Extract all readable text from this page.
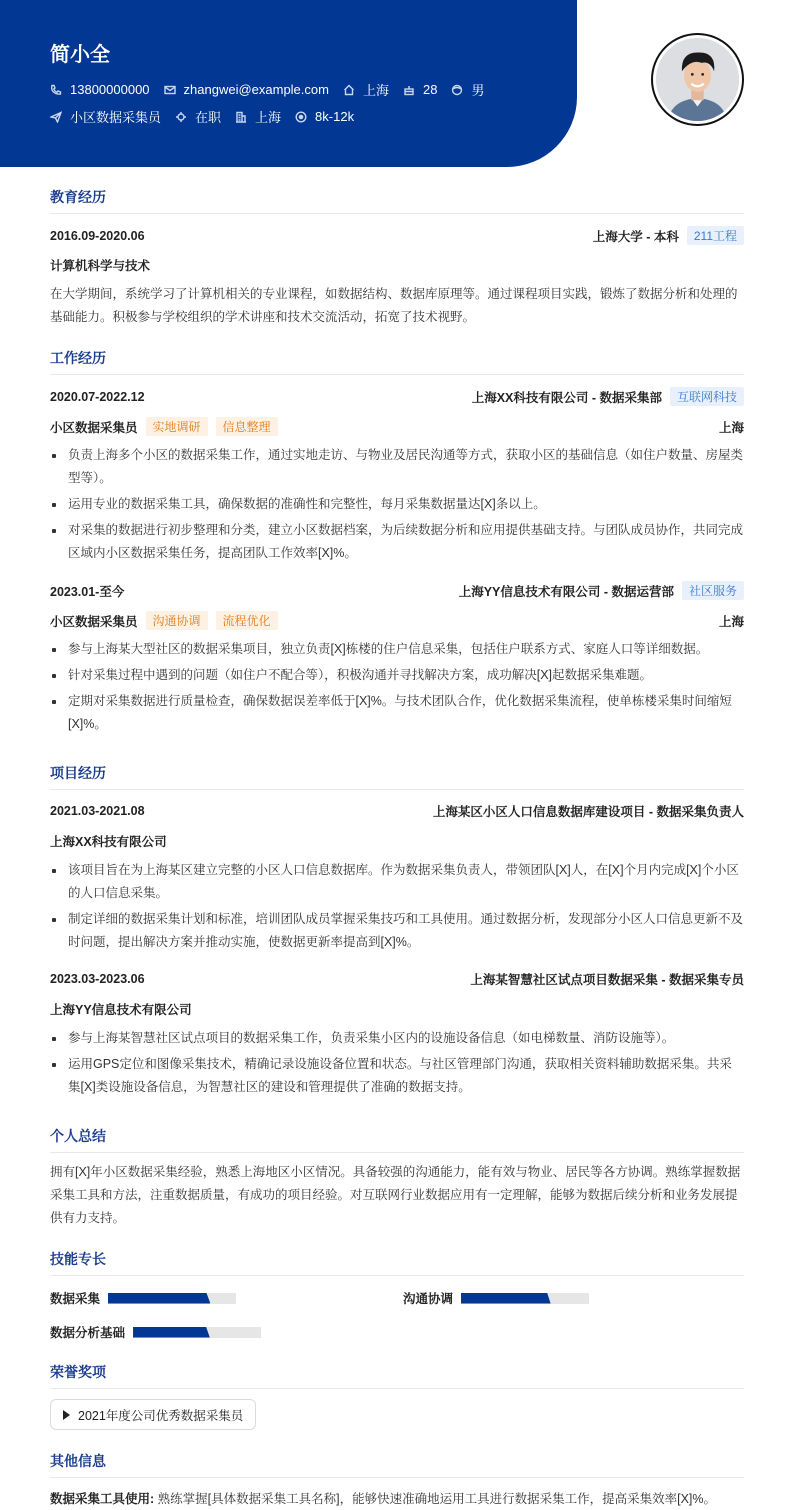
简小全
13800000000	zhangwei@example.com	上海	28	男
小区数据采集员	在职	上海	8k-12k
教育经历
2016.09-2020.06	上海大学 - 本科	211工程
计算机科学与技术
在大学期间，系统学习了计算机相关的专业课程，如数据结构、数据库原理等。通过课程项目实践，锻炼了数据分析和处理的基础能力。积极参与学校组织的学术讲座和技术交流活动，拓宽了技术视野。
工作经历
2020.07-2022.12	上海XX科技有限公司 - 数据采集部	互联网科技
小区数据采集员	实地调研	信息整理	上海
负责上海多个小区的数据采集工作，通过实地走访、与物业及居民沟通等方式，获取小区的基础信息（如住户数量、房屋类型等）。
运用专业的数据采集工具，确保数据的准确性和完整性，每月采集数据量达[X]条以上。
对采集的数据进行初步整理和分类，建立小区数据档案，为后续数据分析和应用提供基础支持。与团队成员协作，共同完成区域内小区数据采集任务，提高团队工作效率[X]%。
2023.01-至今	上海YY信息技术有限公司 - 数据运营部	社区服务
小区数据采集员	沟通协调	流程优化	上海
参与上海某大型社区的数据采集项目，独立负责[X]栋楼的住户信息采集，包括住户联系方式、家庭人口等详细数据。
针对采集过程中遇到的问题（如住户不配合等），积极沟通并寻找解决方案，成功解决[X]起数据采集难题。
定期对采集数据进行质量检查，确保数据误差率低于[X]%。与技术团队合作，优化数据采集流程，使单栋楼采集时间缩短[X]%。
项目经历
2021.03-2021.08	上海某区小区人口信息数据库建设项目 - 数据采集负责人
上海XX科技有限公司
该项目旨在为上海某区建立完整的小区人口信息数据库。作为数据采集负责人，带领团队[X]人，在[X]个月内完成[X]个小区的人口信息采集。
制定详细的数据采集计划和标准，培训团队成员掌握采集技巧和工具使用。通过数据分析，发现部分小区人口信息更新不及时问题，提出解决方案并推动实施，使数据更新率提高到[X]%。
2023.03-2023.06	上海某智慧社区试点项目数据采集 - 数据采集专员
上海YY信息技术有限公司
参与上海某智慧社区试点项目的数据采集工作，负责采集小区内的设施设备信息（如电梯数量、消防设施等）。
运用GPS定位和图像采集技术，精确记录设施设备位置和状态。与社区管理部门沟通，获取相关资料辅助数据采集。共采集[X]类设施设备信息，为智慧社区的建设和管理提供了准确的数据支持。
个人总结
拥有[X]年小区数据采集经验，熟悉上海地区小区情况。具备较强的沟通能力，能有效与物业、居民等各方协调。熟练掌握数据采集工具和方法，注重数据质量，有成功的项目经验。对互联网行业数据应用有一定理解，能够为数据后续分析和业务发展提供有力支持。
技能专长
数据采集	沟通协调
数据分析基础
荣誉奖项
2021年度公司优秀数据采集员
其他信息
数据采集工具使用: 熟练掌握[具体数据采集工具名称]，能够快速准确地运用工具进行数据采集工作，提高采集效率[X]%。
